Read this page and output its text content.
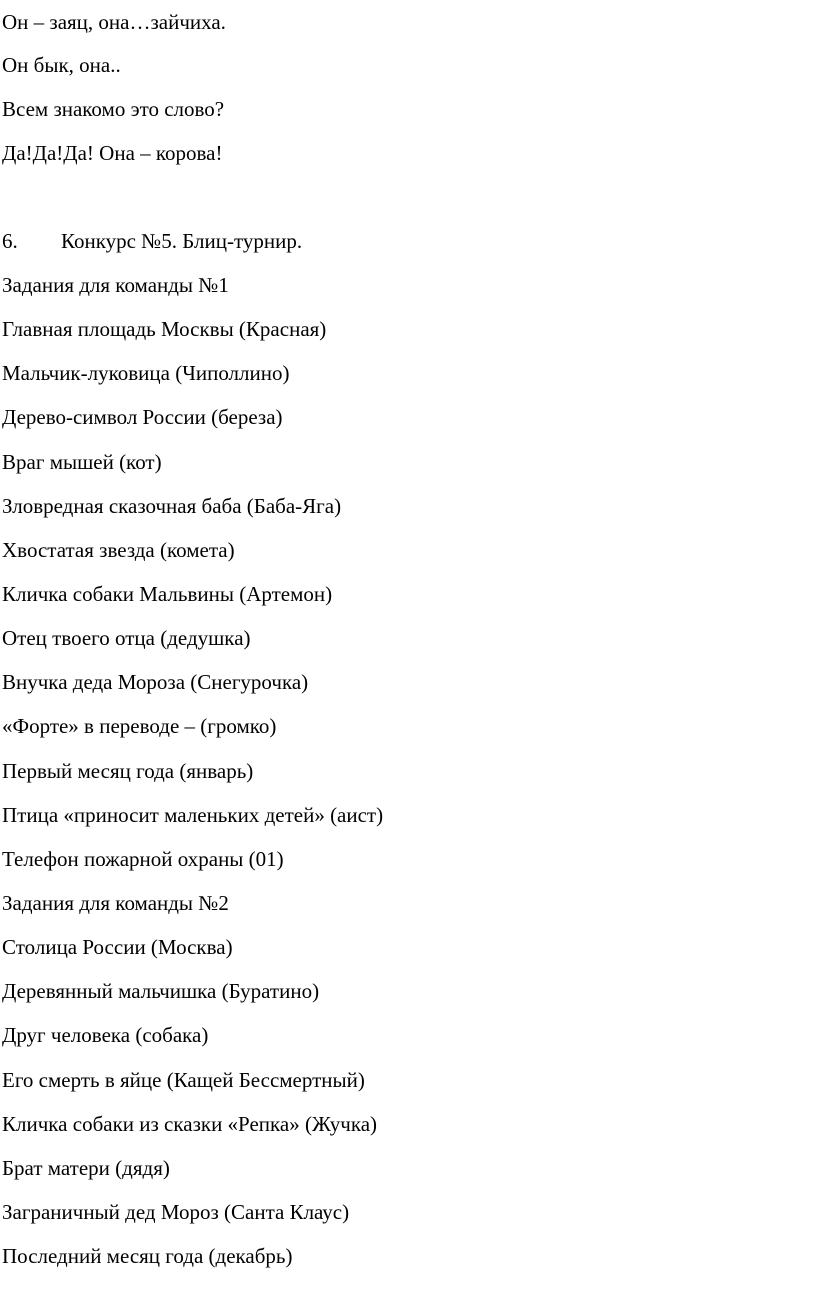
Он – заяц, она…зайчиха.
Он бык, она..
Всем знакомо это слово?
Да!Да!Да! Она – корова!
6. Конкурс №5. Блиц-турнир.
Задания для команды №1
Главная площадь Москвы (Красная)
Мальчик-луковица (Чиполлино)
Дерево-символ России (береза)
Враг мышей (кот)
Зловредная сказочная баба (Баба-Яга)
Хвостатая звезда (комета)
Кличка собаки Мальвины (Артемон)
Отец твоего отца (дедушка)
Внучка деда Мороза (Снегурочка)
«Форте» в переводе – (громко)
Первый месяц года (январь)
Птица «приносит маленьких детей» (аист)
Телефон пожарной охраны (01)
Задания для команды №2
Столица России (Москва)
Деревянный мальчишка (Буратино)
Друг человека (собака)
Его смерть в яйце (Кащей Бессмертный)
Кличка собаки из сказки «Репка» (Жучка)
Брат матери (дядя)
Заграничный дед Мороз (Санта Клаус)
Последний месяц года (декабрь)
